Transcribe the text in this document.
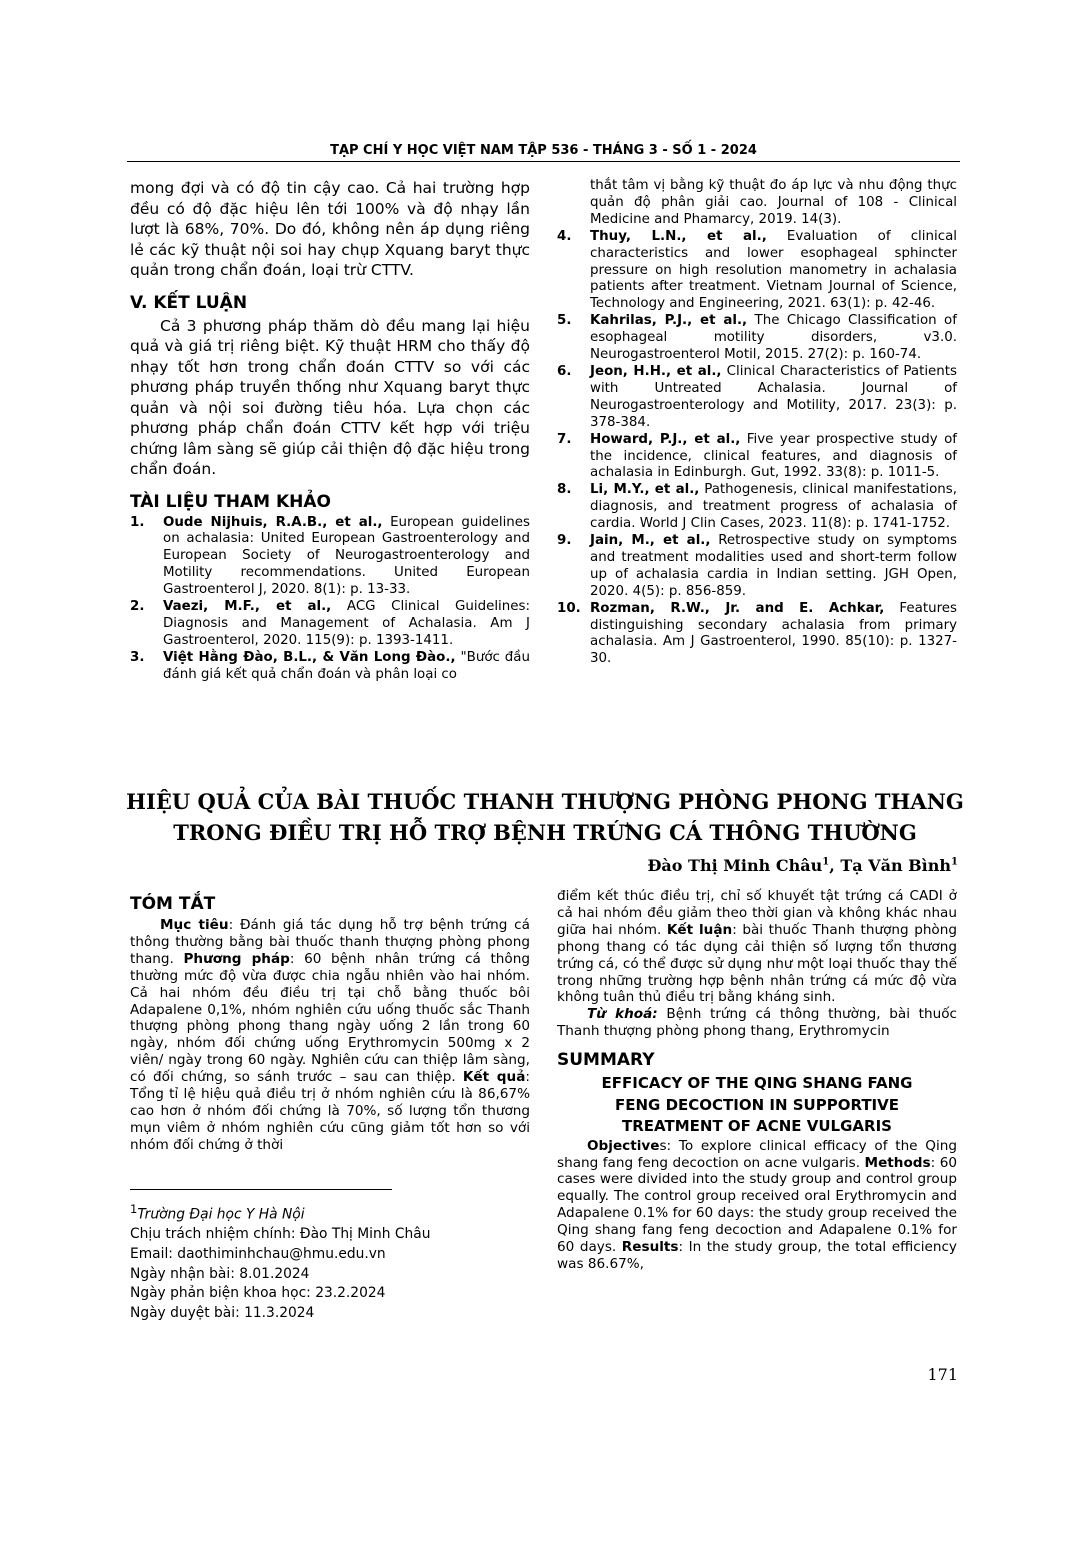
TẠP CHÍ Y HỌC VIỆT NAM TẬP 536 - THÁNG 3 - SỐ 1 - 2024

mong đợi và có độ tin cậy cao. Cả hai trường hợp đều có độ đặc hiệu lên tới 100% và độ nhạy lần lượt là 68%, 70%. Do đó, không nên áp dụng riêng lẻ các kỹ thuật nội soi hay chụp Xquang baryt thực quản trong chẩn đoán, loại trừ CTTV.

V. KẾT LUẬN

Cả 3 phương pháp thăm dò đều mang lại hiệu quả và giá trị riêng biệt. Kỹ thuật HRM cho thấy độ nhạy tốt hơn trong chẩn đoán CTTV so với các phương pháp truyền thống như Xquang baryt thực quản và nội soi đường tiêu hóa. Lựa chọn các phương pháp chẩn đoán CTTV kết hợp với triệu chứng lâm sàng sẽ giúp cải thiện độ đặc hiệu trong chẩn đoán.

TÀI LIỆU THAM KHẢO
1.	Oude Nijhuis, R.A.B., et al., European guidelines on achalasia: United European Gastroenterology and European Society of Neurogastroenterology and Motility recommendations. United European Gastroenterol J, 2020. 8(1): p. 13-33.
2.	Vaezi, M.F., et al., ACG Clinical Guidelines: Diagnosis and Management of Achalasia. Am J Gastroenterol, 2020. 115(9): p. 1393-1411.
3.	Việt Hằng Đào, B.L., & Văn Long Đào., "Bước đầu đánh giá kết quả chẩn đoán và phân loại co
thắt tâm vị bằng kỹ thuật đo áp lực và nhu động thực quản độ phân giải cao. Journal of 108 - Clinical Medicine and Phamarcy, 2019. 14(3).
4.	Thuy, L.N., et al., Evaluation of clinical characteristics and lower esophageal sphincter pressure on high resolution manometry in achalasia patients after treatment. Vietnam Journal of Science, Technology and Engineering, 2021. 63(1): p. 42-46.
5.	Kahrilas, P.J., et al., The Chicago Classification of esophageal motility disorders, v3.0. Neurogastroenterol Motil, 2015. 27(2): p. 160-74.
6.	Jeon, H.H., et al., Clinical Characteristics of Patients with Untreated Achalasia. Journal of Neurogastroenterology and Motility, 2017. 23(3): p. 378-384.
7.	Howard, P.J., et al., Five year prospective study of the incidence, clinical features, and diagnosis of achalasia in Edinburgh. Gut, 1992. 33(8): p. 1011-5.
8.	Li, M.Y., et al., Pathogenesis, clinical manifestations, diagnosis, and treatment progress of achalasia of cardia. World J Clin Cases, 2023. 11(8): p. 1741-1752.
9.	Jain, M., et al., Retrospective study on symptoms and treatment modalities used and short-term follow up of achalasia cardia in Indian setting. JGH Open, 2020. 4(5): p. 856-859.
10. Rozman, R.W., Jr. and E. Achkar, Features distinguishing secondary achalasia from primary achalasia. Am J Gastroenterol, 1990. 85(10): p. 1327-30.
HIỆU QUẢ CỦA BÀI THUỐC THANH THƯỢNG PHÒNG PHONG THANG
TRONG ĐIỀU TRỊ HỖ TRỢ BỆNH TRỨNG CÁ THÔNG THƯỜNG
Đào Thị Minh Châu$^1$, Tạ Văn Bình$^1$
TÓM TẮT

Mục tiêu: Đánh giá tác dụng hỗ trợ bệnh trứng cá thông thường bằng bài thuốc thanh thượng phòng phong thang. Phương pháp: 60 bệnh nhân trứng cá thông thường mức độ vừa được chia ngẫu nhiên vào hai nhóm. Cả hai nhóm đều điều trị tại chỗ bằng thuốc bôi Adapalene 0,1%, nhóm nghiên cứu uống thuốc sắc Thanh thượng phòng phong thang ngày uống 2 lần trong 60 ngày, nhóm đối chứng uống Erythromycin 500mg x 2 viên/ ngày trong 60 ngày. Nghiên cứu can thiệp lâm sàng, có đối chứng, so sánh trước – sau can thiệp. Kết quả: Tổng tỉ lệ hiệu quả điều trị ở nhóm nghiên cứu là 86,67% cao hơn ở nhóm đối chứng là 70%, số lượng tổn thương mụn viêm ở nhóm nghiên cứu cũng giảm tốt hơn so với nhóm đối chứng ở thời

điểm kết thúc điều trị, chỉ số khuyết tật trứng cá CADI ở cả hai nhóm đều giảm theo thời gian và không khác nhau giữa hai nhóm. Kết luận: bài thuốc Thanh thượng phòng phong thang có tác dụng cải thiện số lượng tổn thương trứng cá, có thể được sử dụng như một loại thuốc thay thế trong những trường hợp bệnh nhân trứng cá mức độ vừa không tuân thủ điều trị bằng kháng sinh.

Từ khoá: Bệnh trứng cá thông thường, bài thuốc Thanh thượng phòng phong thang, Erythromycin

SUMMARY
EFFICACY OF THE QING SHANG FANG
FENG DECOCTION IN SUPPORTIVE
TREATMENT OF ACNE VULGARIS

Objectives: To explore clinical efficacy of the Qing shang fang feng decoction on acne vulgaris. Methods: 60 cases were divided into the study group and control group equally. The control group received oral Erythromycin and Adapalene 0.1% for 60 days: the study group received the Qing shang fang feng decoction and Adapalene 0.1% for 60 days. Results: In the study group, the total efficiency was 86.67%,

$^1$Trường Đại học Y Hà Nội
Chịu trách nhiệm chính: Đào Thị Minh Châu
Email: daothiminhchau@hmu.edu.vn
Ngày nhận bài: 8.01.2024
Ngày phản biện khoa học: 23.2.2024
Ngày duyệt bài: 11.3.2024
171
